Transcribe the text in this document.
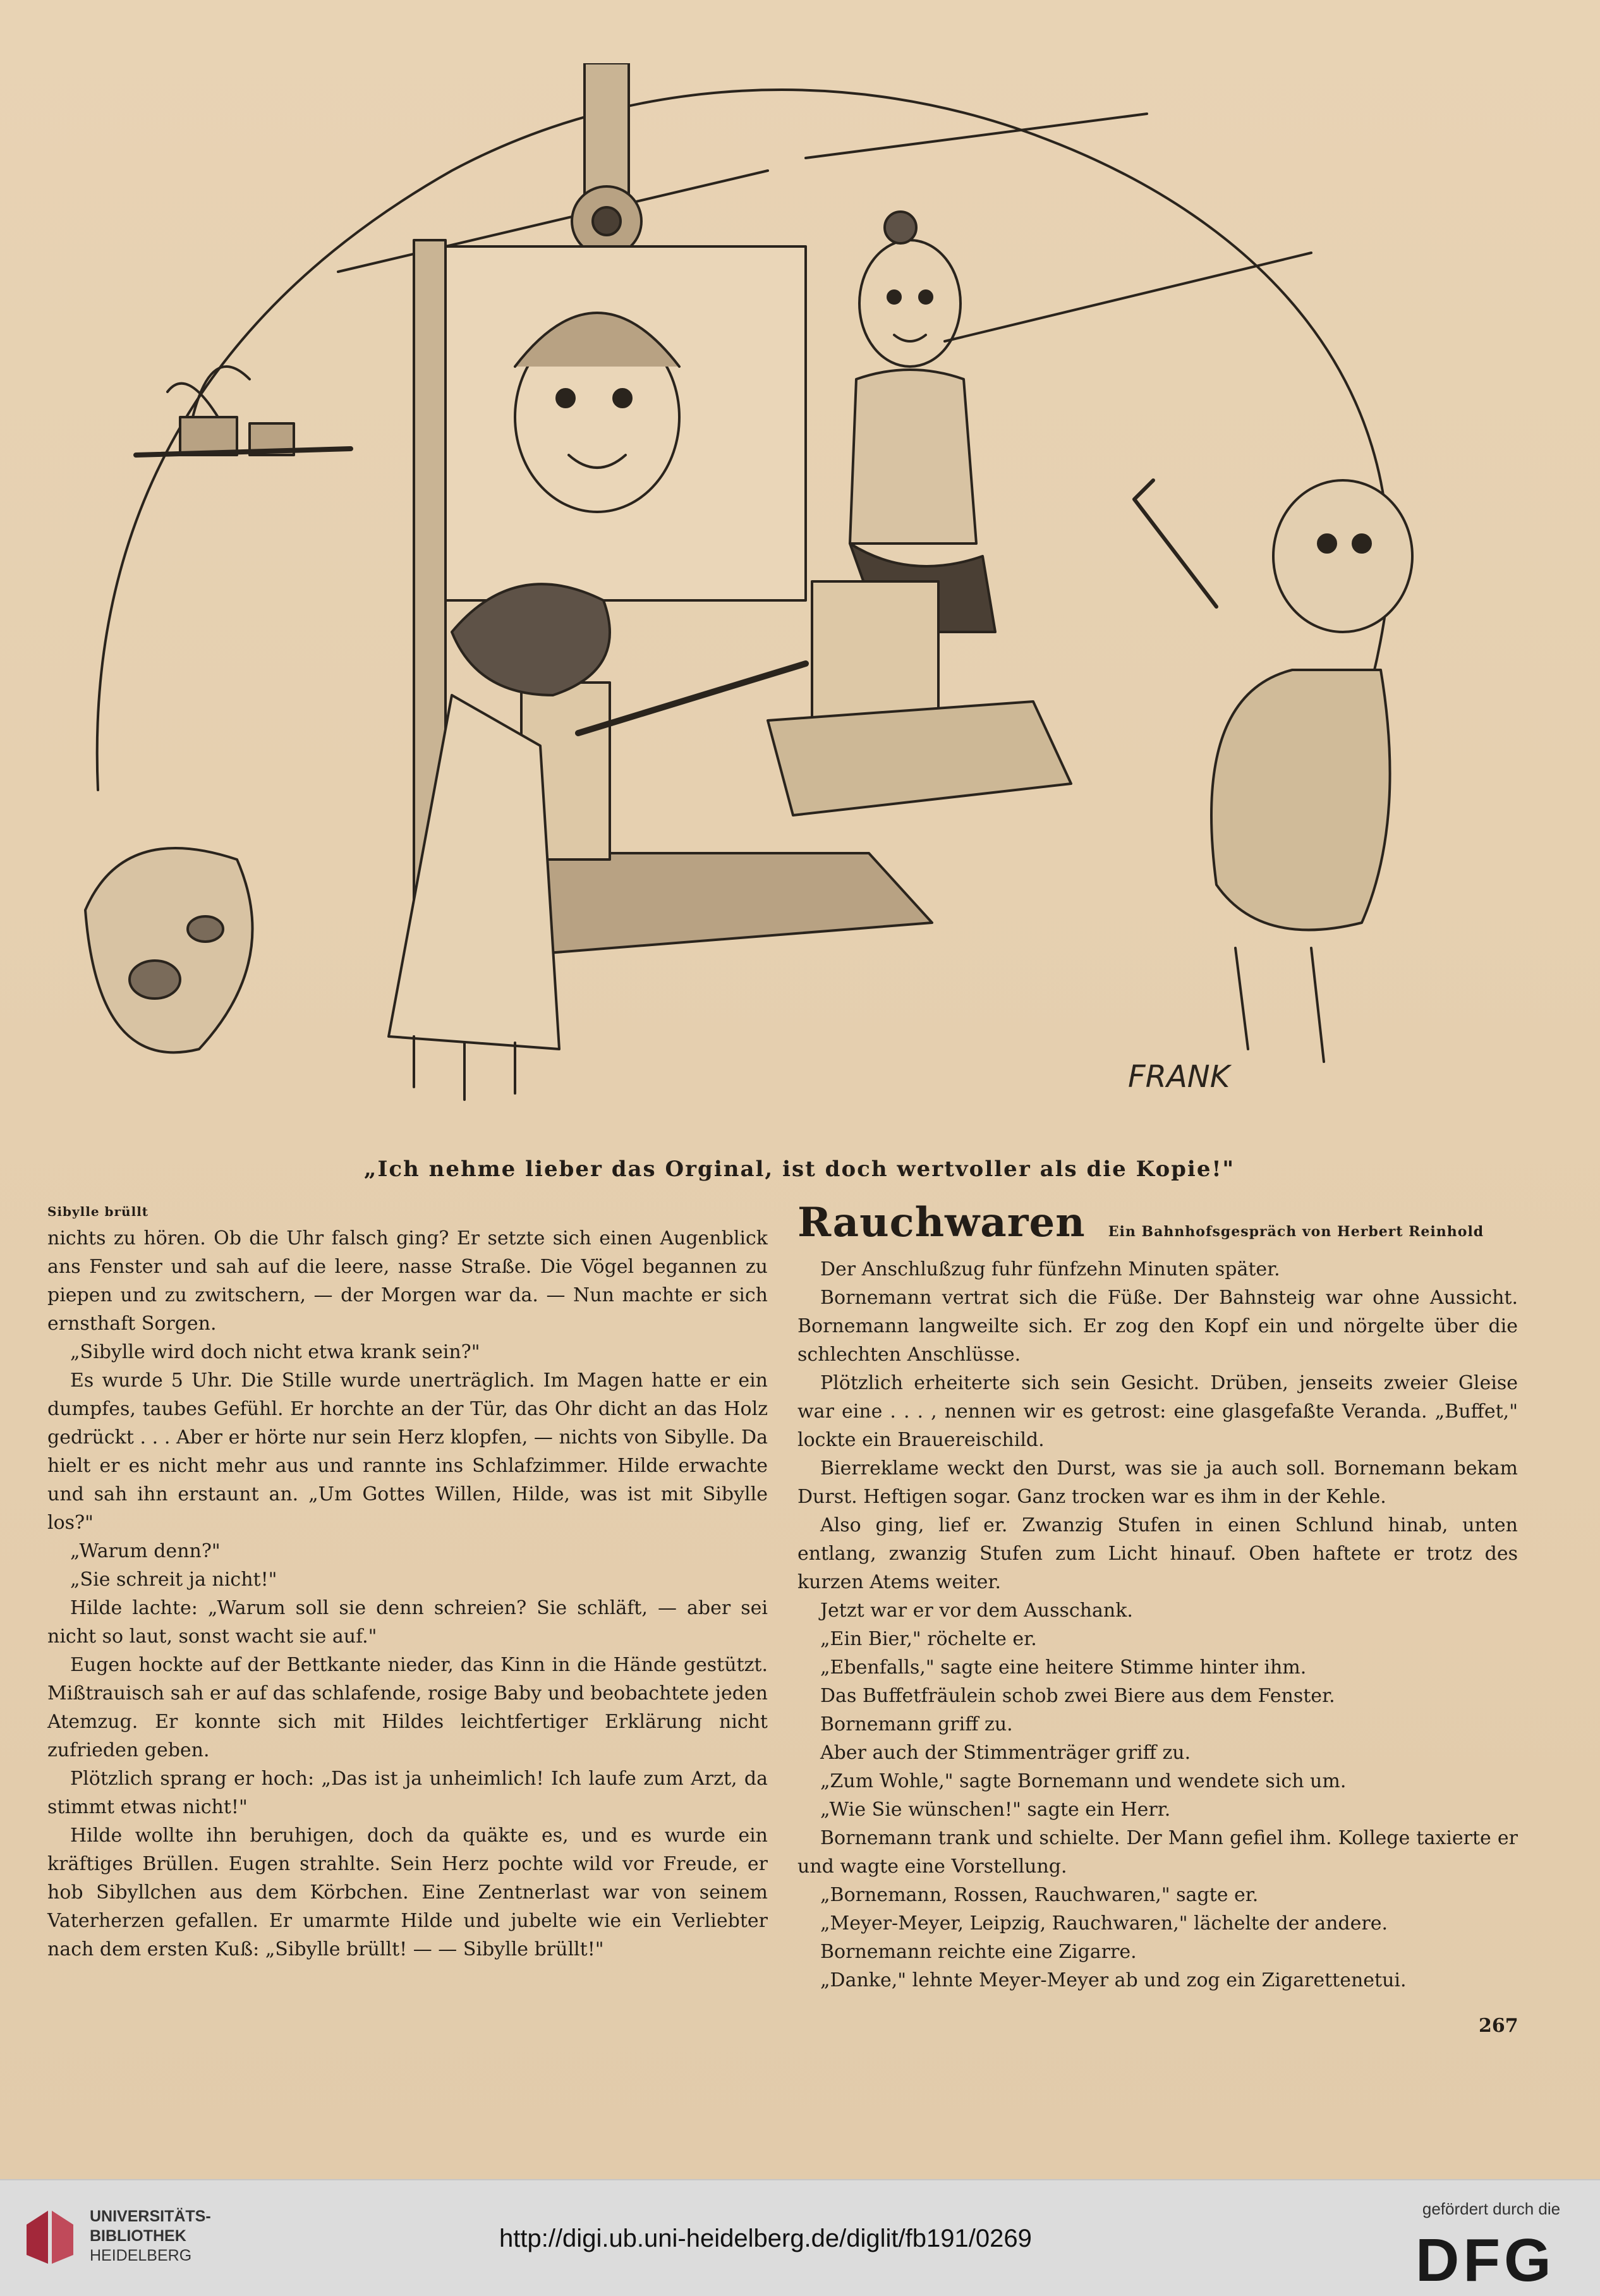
FRANK
„Ich nehme lieber das Orginal, ist doch wertvoller als die Kopie!"
Sibylle brüllt

nichts zu hören. Ob die Uhr falsch ging? Er setzte sich einen Augenblick ans Fenster und sah auf die leere, nasse Straße. Die Vögel begannen zu piepen und zu zwitschern, — der Morgen war da. — Nun machte er sich ernsthaft Sorgen.

„Sibylle wird doch nicht etwa krank sein?"

Es wurde 5 Uhr. Die Stille wurde unerträglich. Im Magen hatte er ein dumpfes, taubes Gefühl. Er horchte an der Tür, das Ohr dicht an das Holz gedrückt . . . Aber er hörte nur sein Herz klopfen, — nichts von Sibylle. Da hielt er es nicht mehr aus und rannte ins Schlafzimmer. Hilde erwachte und sah ihn erstaunt an. „Um Gottes Willen, Hilde, was ist mit Sibylle los?"

„Warum denn?"

„Sie schreit ja nicht!"

Hilde lachte: „Warum soll sie denn schreien? Sie schläft, — aber sei nicht so laut, sonst wacht sie auf."

Eugen hockte auf der Bettkante nieder, das Kinn in die Hände gestützt. Mißtrauisch sah er auf das schlafende, rosige Baby und beobachtete jeden Atemzug. Er konnte sich mit Hildes leichtfertiger Erklärung nicht zufrieden geben.

Plötzlich sprang er hoch: „Das ist ja unheimlich! Ich laufe zum Arzt, da stimmt etwas nicht!"

Hilde wollte ihn beruhigen, doch da quäkte es, und es wurde ein kräftiges Brüllen. Eugen strahlte. Sein Herz pochte wild vor Freude, er hob Sibyllchen aus dem Körbchen. Eine Zentnerlast war von seinem Vaterherzen gefallen. Er umarmte Hilde und jubelte wie ein Verliebter nach dem ersten Kuß: „Sibylle brüllt! — — Sibylle brüllt!"

Rauchwaren Ein Bahnhofsgespräch von Herbert Reinhold

Der Anschlußzug fuhr fünfzehn Minuten später.

Bornemann vertrat sich die Füße. Der Bahnsteig war ohne Aussicht. Bornemann langweilte sich. Er zog den Kopf ein und nörgelte über die schlechten Anschlüsse.

Plötzlich erheiterte sich sein Gesicht. Drüben, jenseits zweier Gleise war eine . . . , nennen wir es getrost: eine glasgefaßte Veranda. „Buffet," lockte ein Brauereischild.

Bierreklame weckt den Durst, was sie ja auch soll. Bornemann bekam Durst. Heftigen sogar. Ganz trocken war es ihm in der Kehle.

Also ging, lief er. Zwanzig Stufen in einen Schlund hinab, unten entlang, zwanzig Stufen zum Licht hinauf. Oben haftete er trotz des kurzen Atems weiter.

Jetzt war er vor dem Ausschank.

„Ein Bier," röchelte er.

„Ebenfalls," sagte eine heitere Stimme hinter ihm.

Das Buffetfräulein schob zwei Biere aus dem Fenster.

Bornemann griff zu.

Aber auch der Stimmenträger griff zu.

„Zum Wohle," sagte Bornemann und wendete sich um.

„Wie Sie wünschen!" sagte ein Herr.

Bornemann trank und schielte. Der Mann gefiel ihm. Kollege taxierte er und wagte eine Vorstellung.

„Bornemann, Rossen, Rauchwaren," sagte er.

„Meyer-Meyer, Leipzig, Rauchwaren," lächelte der andere.

Bornemann reichte eine Zigarre.

„Danke," lehnte Meyer-Meyer ab und zog ein Zigarettenetui.

267
UNIVERSITÄTS-
BIBLIOTHEK
HEIDELBERG
http://digi.ub.uni-heidelberg.de/diglit/fb191/0269
gefördert durch die
DFG
